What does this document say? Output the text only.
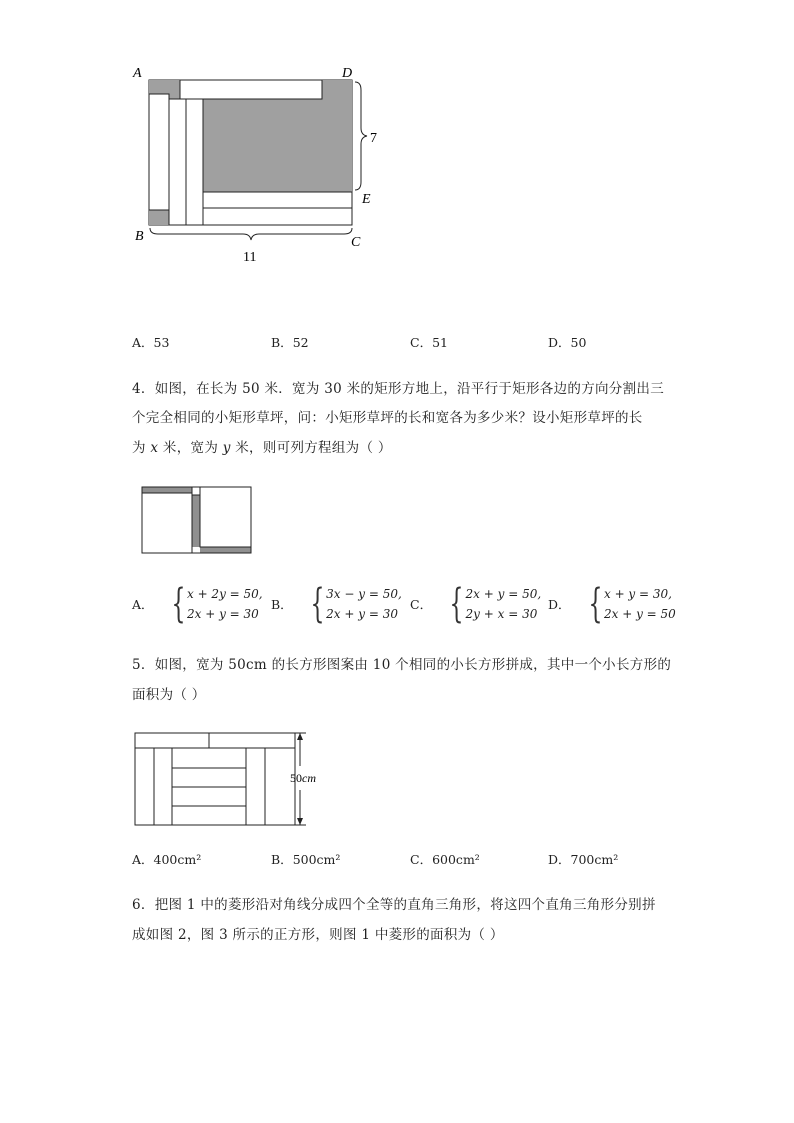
A	D
E
B	C
7
11
A．53	B．52	C．51	D．50
4．如图，在长为 50 米．宽为 30 米的矩形方地上，沿平行于矩形各边的方向分割出三
个完全相同的小矩形草坪，问：小矩形草坪的长和宽各为多少米？设小矩形草坪的长
为 x 米，宽为 y 米，则可列方程组为（ ）
A． { x + 2y = 50,
2x + y = 30
B． { 3x − y = 50,
2x + y = 30
C． { 2x + y = 50,
2y + x = 30
D． { x + y = 30,
2x + y = 50
5．如图，宽为 50cm 的长方形图案由 10 个相同的小长方形拼成，其中一个小长方形的
面积为（ ）
50cm
A．400cm²	B．500cm²	C．600cm²	D．700cm²
6．把图 1 中的菱形沿对角线分成四个全等的直角三角形，将这四个直角三角形分别拼
成如图 2，图 3 所示的正方形，则图 1 中菱形的面积为（ ）
